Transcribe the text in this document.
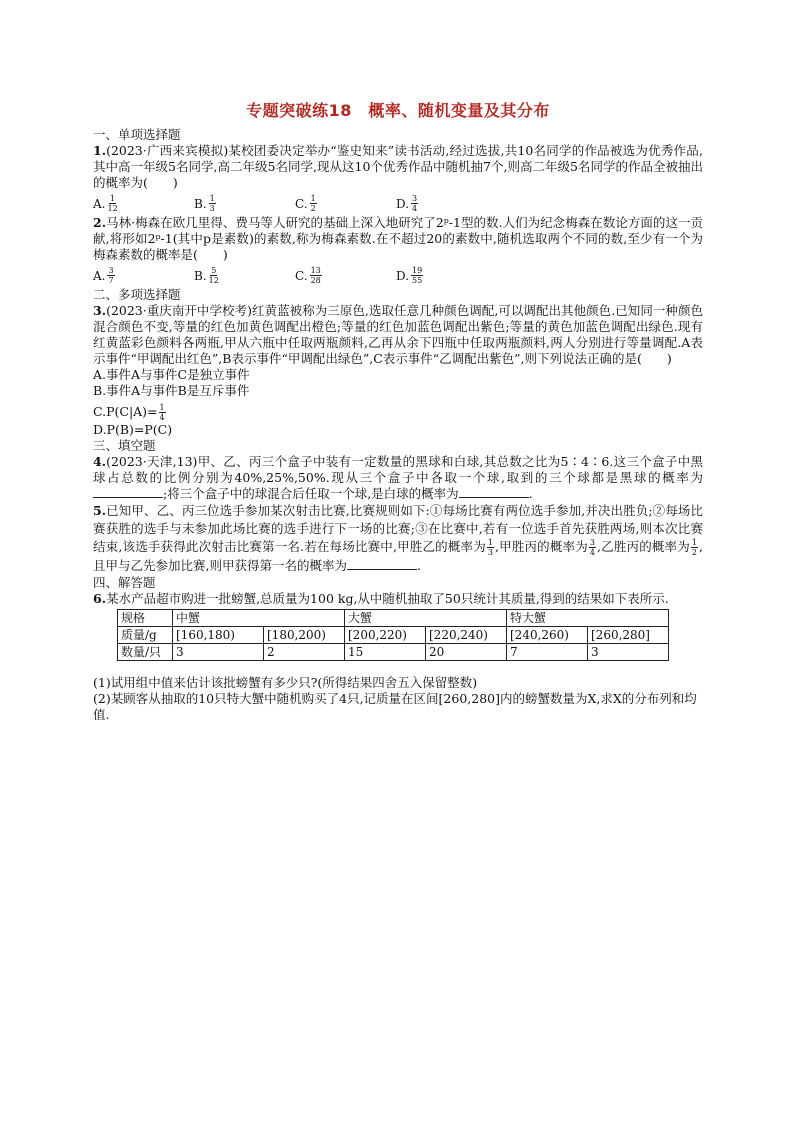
专题突破练18　概率、随机变量及其分布

一、单项选择题

1.(2023·广西来宾模拟)某校团委决定举办“鉴史知来”读书活动,经过选拔,共10名同学的作品被选为优秀作品,其中高一年级5名同学,高二年级5名同学,现从这10个优秀作品中随机抽7个,则高二年级5名同学的作品全被抽出的概率为(　　)

A. $\frac{1}{12}$	B. $\frac{1}{3}$	C. $\frac{1}{2}$	D. $\frac{3}{4}$

2.马林·梅森在欧几里得、费马等人研究的基础上深入地研究了2ᵖ-1型的数.人们为纪念梅森在数论方面的这一贡献,将形如2ᵖ-1(其中p是素数)的素数,称为梅森素数.在不超过20的素数中,随机选取两个不同的数,至少有一个为梅森素数的概率是(　　)

A. $\frac{3}{7}$	B. $\frac{5}{12}$	C. $\frac{13}{28}$	D. $\frac{19}{55}$

二、多项选择题

3.(2023·重庆南开中学校考)红黄蓝被称为三原色,选取任意几种颜色调配,可以调配出其他颜色.已知同一种颜色混合颜色不变,等量的红色加黄色调配出橙色;等量的红色加蓝色调配出紫色;等量的黄色加蓝色调配出绿色.现有红黄蓝彩色颜料各两瓶,甲从六瓶中任取两瓶颜料,乙再从余下四瓶中任取两瓶颜料,两人分别进行等量调配.A表示事件“甲调配出红色”,B表示事件“甲调配出绿色”,C表示事件“乙调配出紫色”,则下列说法正确的是(　　)

A.事件A与事件C是独立事件

B.事件A与事件B是互斥事件

$C.P(C|A)= \frac{1}{4}$

D.P(B)=P(C)

三、填空题

4.(2023·天津,13)甲、乙、丙三个盒子中装有一定数量的黑球和白球,其总数之比为5∶4∶6.这三个盒子中黑球占总数的比例分别为40%,25%,50%.现从三个盒子中各取一个球,取到的三个球都是黑球的概率为;将三个盒子中的球混合后任取一个球,是白球的概率为	.

5.已知甲、乙、丙三位选手参加某次射击比赛,比赛规则如下:①每场比赛有两位选手参加,并决出胜负;②每场比赛获胜的选手与未参加此场比赛的选手进行下一场的比赛;③在比赛中,若有一位选手首先获胜两场,则本次比赛结束,该选手获得此次射击比赛第一名.若在每场比赛中,甲胜乙的概率为 $\frac{1}{3}$ ,甲胜丙的概率为 $\frac{3}{4}$ ,乙胜丙的概率为 $\frac{1}{2}$ ,且甲与乙先参加比赛,则甲获得第一名的概率为	.

四、解答题

6.某水产品超市购进一批螃蟹,总质量为100 kg,从中随机抽取了50只统计其质量,得到的结果如下表所示.

规格	中蟹		大蟹		特大蟹	
质量/g	[160,180)	[180,200)	[200,220)	[220,240)	[240,260)	[260,280]
数量/只	3	2	15	20	7	3

(1)试用组中值来估计该批螃蟹有多少只?(所得结果四舍五入保留整数)

(2)某顾客从抽取的10只特大蟹中随机购买了4只,记质量在区间[260,280]内的螃蟹数量为X,求X的分布列和均值.
